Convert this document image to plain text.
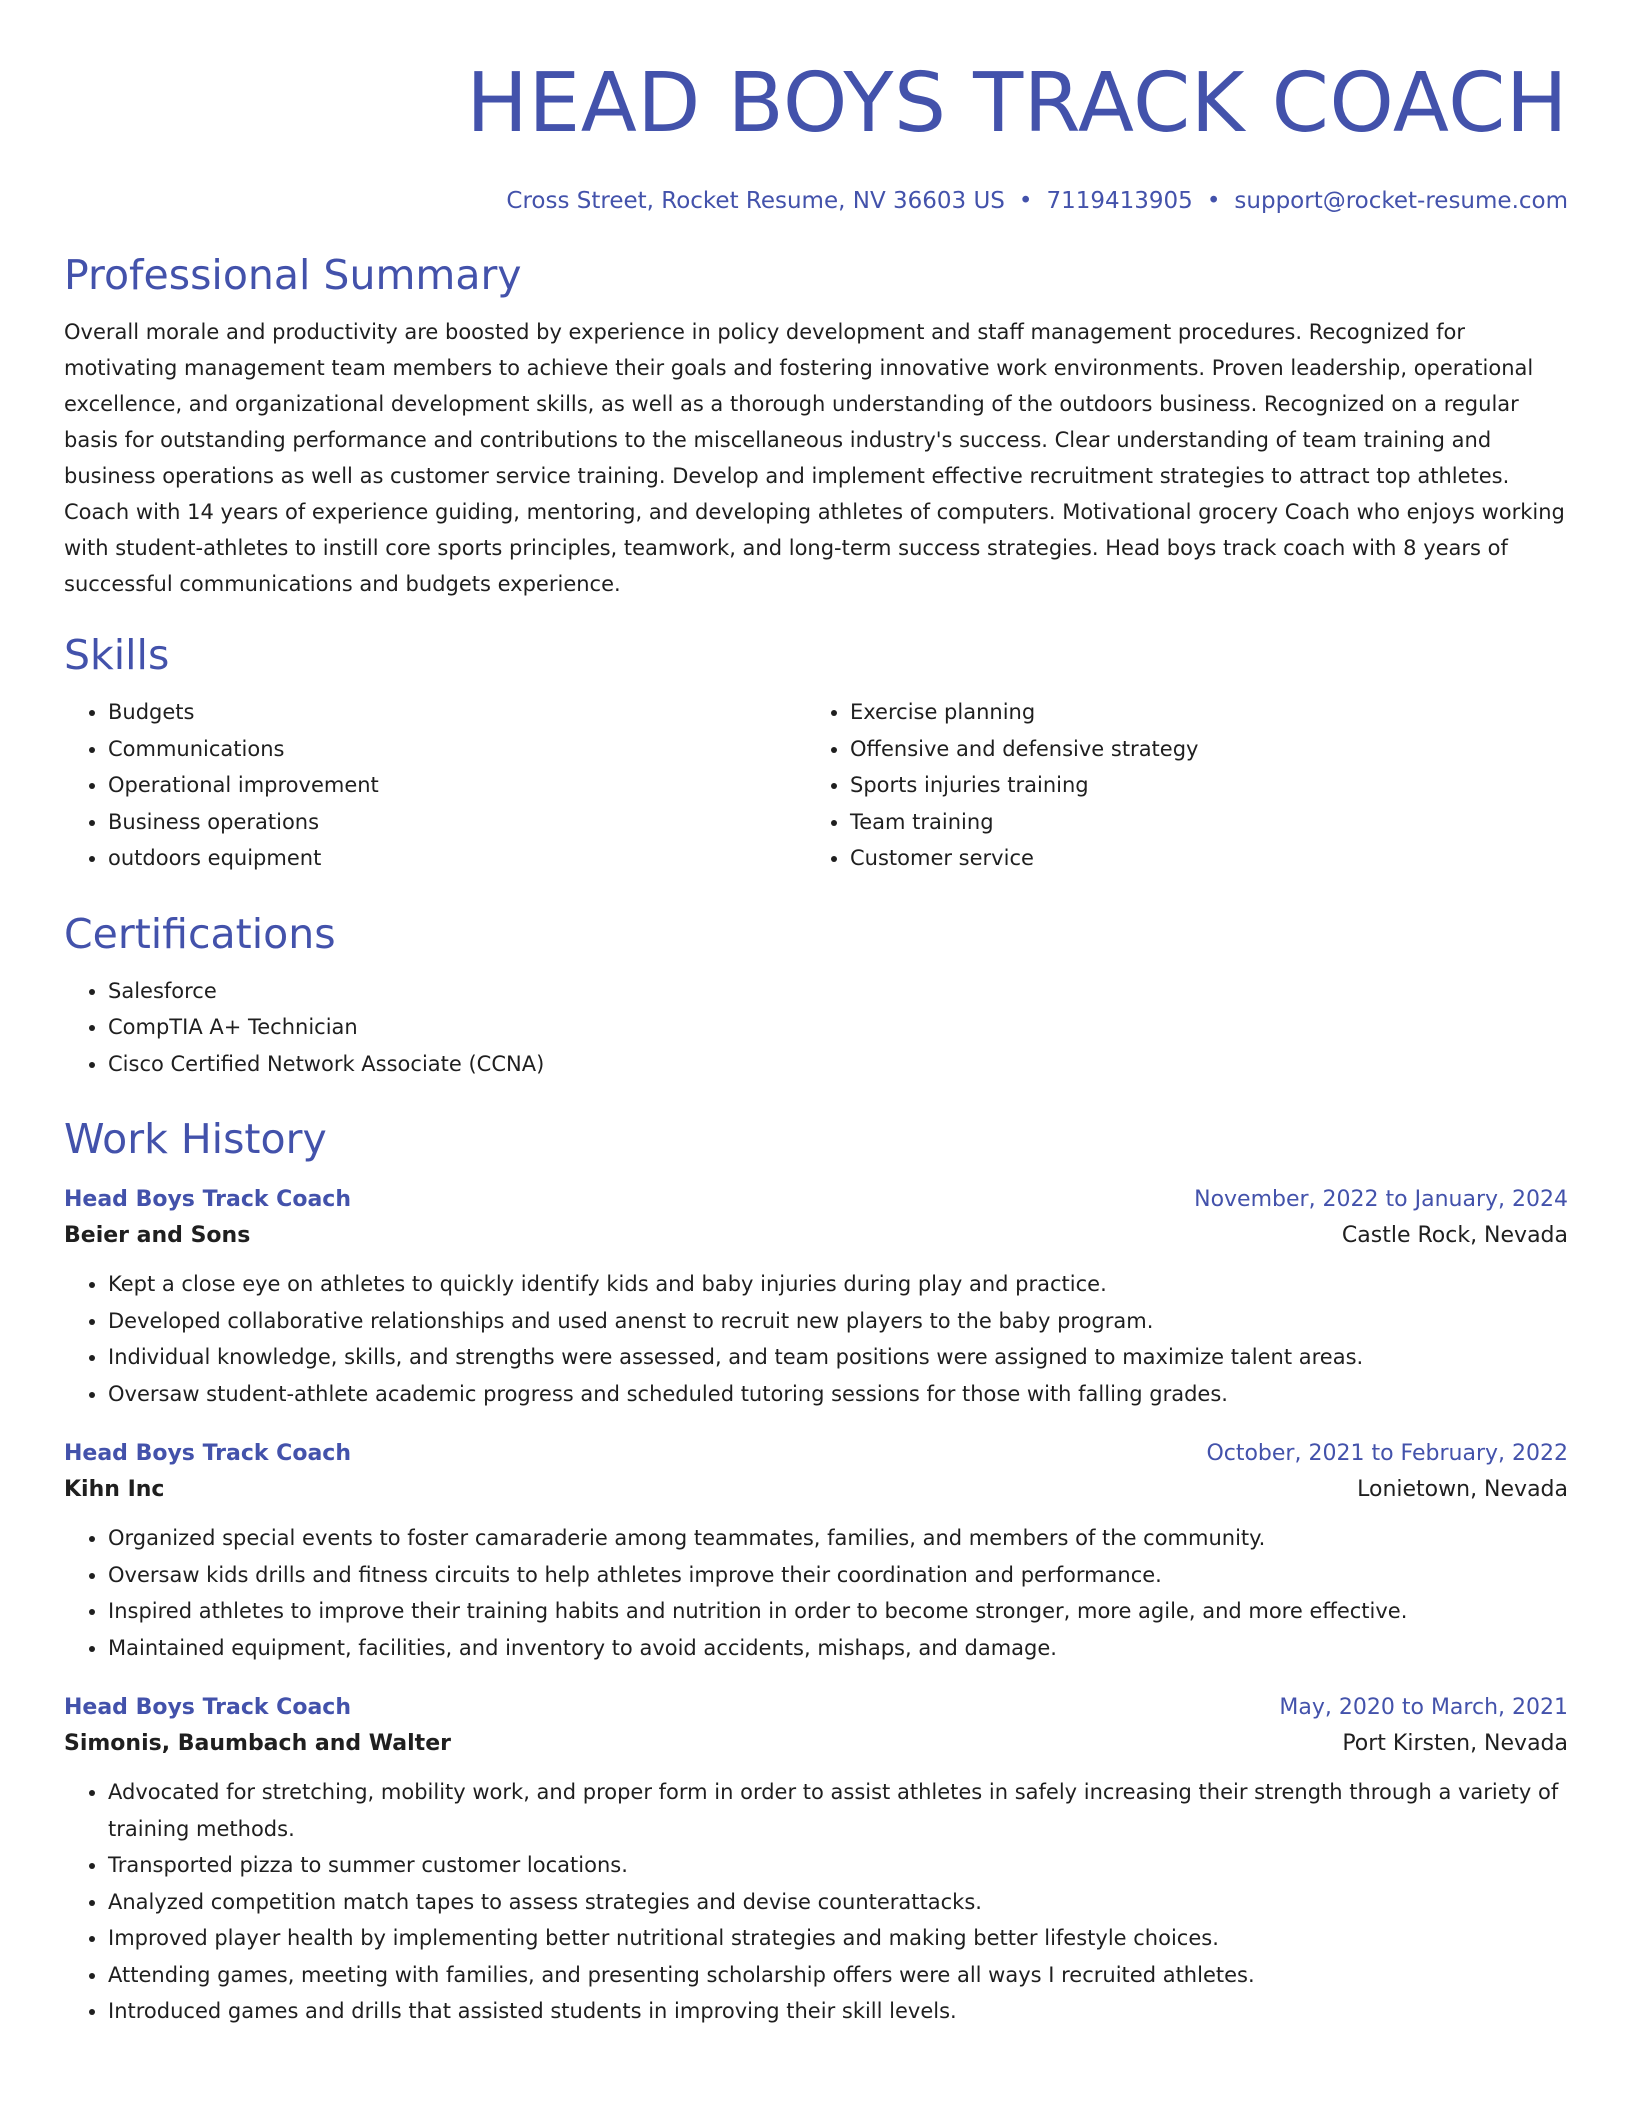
HEAD BOYS TRACK COACH
Cross Street, Rocket Resume, NV 36603 US • 7119413905 • support@rocket-resume.com
Professional Summary

Overall morale and productivity are boosted by experience in policy development and staff management procedures. Recognized for motivating management team members to achieve their goals and fostering innovative work environments. Proven leadership, operational excellence, and organizational development skills, as well as a thorough understanding of the outdoors business. Recognized on a regular basis for outstanding performance and contributions to the miscellaneous industry's success. Clear understanding of team training and business operations as well as customer service training. Develop and implement effective recruitment strategies to attract top athletes. Coach with 14 years of experience guiding, mentoring, and developing athletes of computers. Motivational grocery Coach who enjoys working with student-athletes to instill core sports principles, teamwork, and long-term success strategies. Head boys track coach with 8 years of successful communications and budgets experience.

Skills
• Budgets
• Communications
• Operational improvement
• Business operations
• outdoors equipment
• Exercise planning
• Offensive and defensive strategy
• Sports injuries training
• Team training
• Customer service
Certifications
• Salesforce
• CompTIA A+ Technician
• Cisco Certified Network Associate (CCNA)
Work History
Head Boys Track Coach	November, 2022 to January, 2024
Beier and Sons	Castle Rock, Nevada
• Kept a close eye on athletes to quickly identify kids and baby injuries during play and practice.
• Developed collaborative relationships and used anenst to recruit new players to the baby program.
• Individual knowledge, skills, and strengths were assessed, and team positions were assigned to maximize talent areas.
• Oversaw student-athlete academic progress and scheduled tutoring sessions for those with falling grades.
Head Boys Track Coach	October, 2021 to February, 2022
Kihn Inc	Lonietown, Nevada
• Organized special events to foster camaraderie among teammates, families, and members of the community.
• Oversaw kids drills and fitness circuits to help athletes improve their coordination and performance.
• Inspired athletes to improve their training habits and nutrition in order to become stronger, more agile, and more effective.
• Maintained equipment, facilities, and inventory to avoid accidents, mishaps, and damage.
Head Boys Track Coach	May, 2020 to March, 2021
Simonis, Baumbach and Walter	Port Kirsten, Nevada
• Advocated for stretching, mobility work, and proper form in order to assist athletes in safely increasing their strength through a variety of training methods.
• Transported pizza to summer customer locations.
• Analyzed competition match tapes to assess strategies and devise counterattacks.
• Improved player health by implementing better nutritional strategies and making better lifestyle choices.
• Attending games, meeting with families, and presenting scholarship offers were all ways I recruited athletes.
• Introduced games and drills that assisted students in improving their skill levels.
